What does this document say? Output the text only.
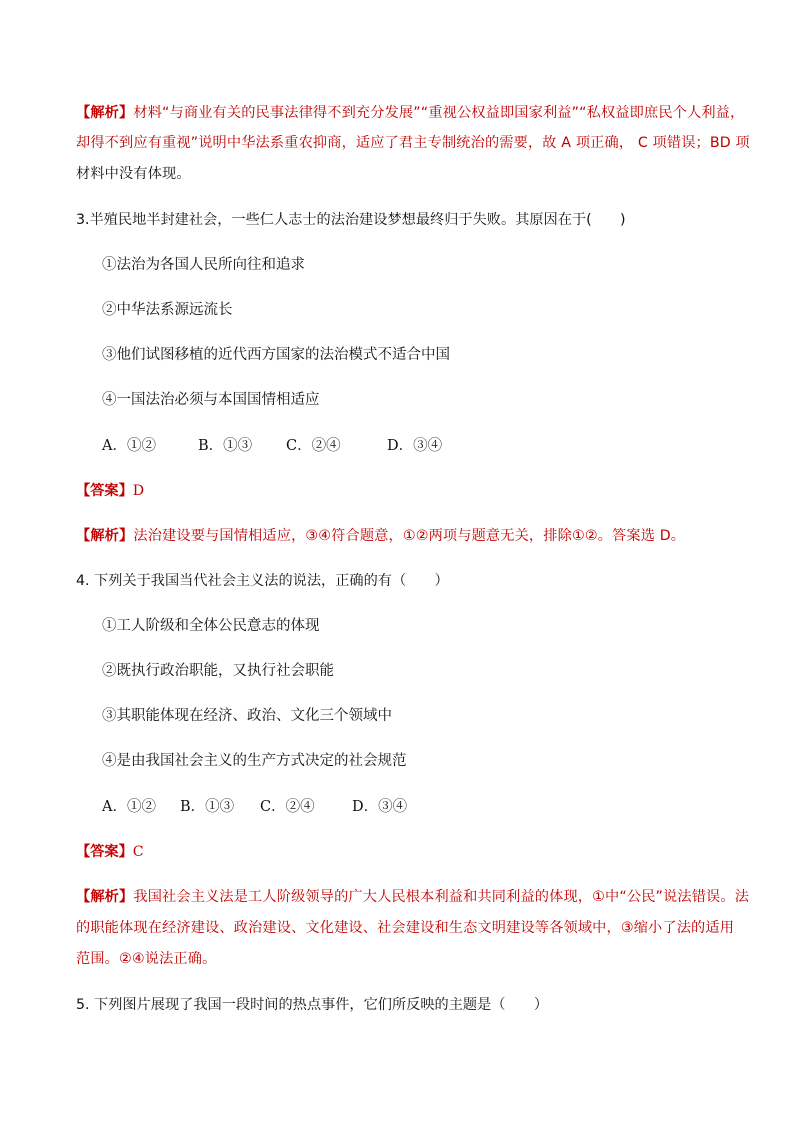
【解析】材料“与商业有关的民事法律得不到充分发展”“重视公权益即国家利益”“私权益即庶民个人利益，
却得不到应有重视”说明中华法系重农抑商，适应了君主专制统治的需要，故 A 项正确， C 项错误；BD 项
材料中没有体现。
3.半殖民地半封建社会，一些仁人志士的法治建设梦想最终归于失败。其原因在于(　　)
①法治为各国人民所向往和追求
②中华法系源远流长
③他们试图移植的近代西方国家的法治模式不适合中国
④一国法治必须与本国国情相适应
A．①②	B．①③ C．②④	D．③④
【答案】D
【解析】法治建设要与国情相适应，③④符合题意，①②两项与题意无关，排除①②。答案选 D。
4. 下列关于我国当代社会主义法的说法，正确的有（　　）
①工人阶级和全体公民意志的体现
②既执行政治职能，又执行社会职能
③其职能体现在经济、政治、文化三个领域中
④是由我国社会主义的生产方式决定的社会规范
A．①② B．①③ C．②④	D．③④
【答案】C
【解析】我国社会主义法是工人阶级领导的广大人民根本利益和共同利益的体现，①中“公民”说法错误。法
的职能体现在经济建设、政治建设、文化建设、社会建设和生态文明建设等各领域中，③缩小了法的适用
范围。②④说法正确。
5. 下列图片展现了我国一段时间的热点事件，它们所反映的主题是（　　）
